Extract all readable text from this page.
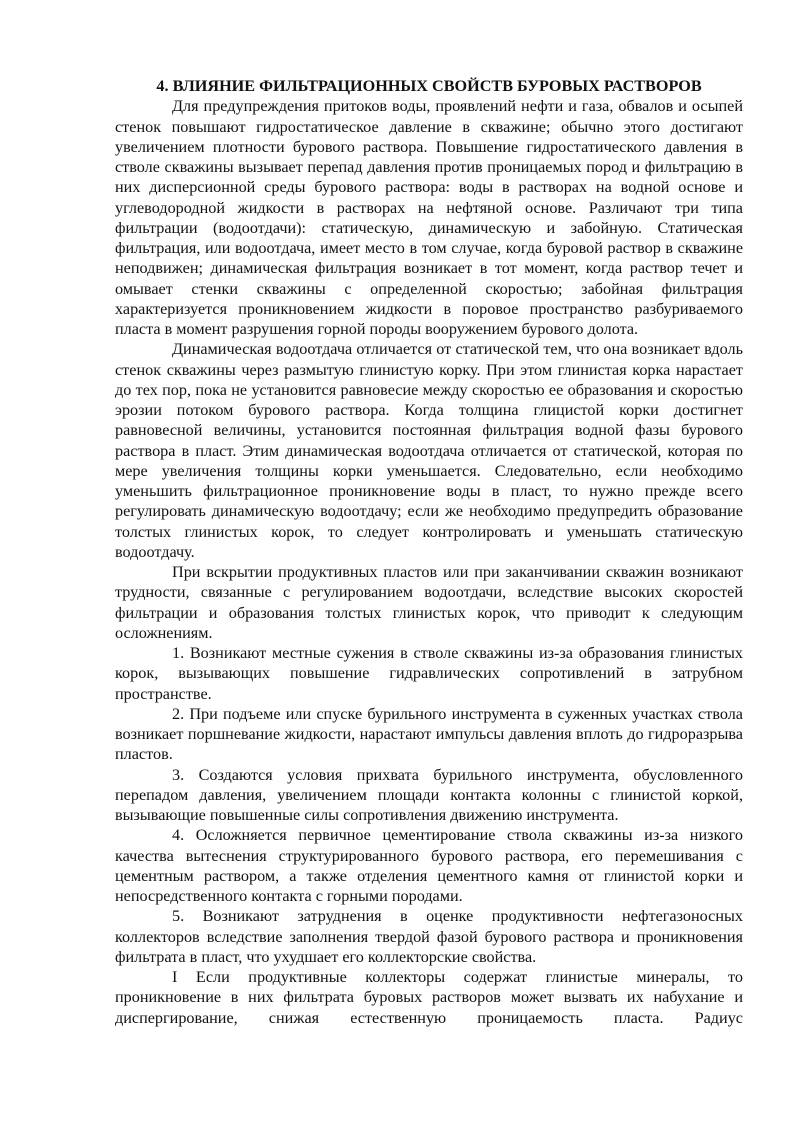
4. ВЛИЯНИЕ ФИЛЬТРАЦИОННЫХ СВОЙСТВ БУРОВЫХ РАСТВОРОВ

Для предупреждения притоков воды, проявлений нефти и газа, обвалов и осыпей стенок повышают гидростатическое давление в скважине; обычно этого достигают увеличением плотности бурового раствора. Повышение гидростатического давления в стволе скважины вызывает перепад давления против проницаемых пород и фильтрацию в них дисперсионной среды бурового раствора: воды в растворах на водной основе и углеводородной жидкости в растворах на нефтяной основе. Различают три типа фильтрации (водоотдачи): статическую, динамическую и забойную. Статическая фильтрация, или водоотдача, имеет место в том случае, когда буровой раствор в скважине неподвижен; динамическая фильтрация возникает в тот момент, когда раствор течет и омывает стенки скважины с определенной скоростью; забойная фильтрация характеризуется проникновением жидкости в поровое пространство разбуриваемого пласта в момент разрушения горной породы вооружением бурового долота.

Динамическая водоотдача отличается от статической тем, что она возникает вдоль стенок скважины через размытую глинистую корку. При этом глинистая корка нарастает до тех пор, пока не установится равновесие между скоростью ее образования и скоростью эрозии потоком бурового раствора. Когда толщина глицистой корки достигнет равновесной величины, установится постоянная фильтрация водной фазы бурового раствора в пласт. Этим динамическая водоотдача отличается от статической, которая по мере увеличения толщины корки уменьшается. Следовательно, если необходимо уменьшить фильтрационное проникновение воды в пласт, то нужно прежде всего регулировать динамическую водоотдачу; если же необходимо предупредить образование толстых глинистых корок, то следует контролировать и уменьшать статическую водоотдачу.

При вскрытии продуктивных пластов или при заканчивании скважин возникают трудности, связанные с регулированием водоотдачи, вследствие высоких скоростей фильтрации и образования толстых глинистых корок, что приводит к следующим осложнениям.

1. Возникают местные сужения в стволе скважины из-за образования глинистых корок, вызывающих повышение гидравлических сопротивлений в затрубном пространстве.

2. При подъеме или спуске бурильного инструмента в суженных участках ствола возникает поршневание жидкости, нарастают импульсы давления вплоть до гидроразрыва пластов.

3. Создаются условия прихвата бурильного инструмента, обусловленного перепадом давления, увеличением площади контакта колонны с глинистой коркой, вызывающие повышенные силы сопротивления движению инструмента.

4. Осложняется первичное цементирование ствола скважины из-за низкого качества вытеснения структурированного бурового раствора, его перемешивания с цементным раствором, а также отделения цементного камня от глинистой корки и непосредственного контакта с горными породами.

5. Возникают затруднения в оценке продуктивности нефтегазоносных коллекторов вследствие заполнения твердой фазой бурового раствора и проникновения фильтрата в пласт, что ухудшает его коллекторские свойства.

I Если продуктивные коллекторы содержат глинистые минералы, то проникновение в них фильтрата буровых растворов может вызвать их набухание и диспергирование, снижая естественную проницаемость пласта. Радиус
